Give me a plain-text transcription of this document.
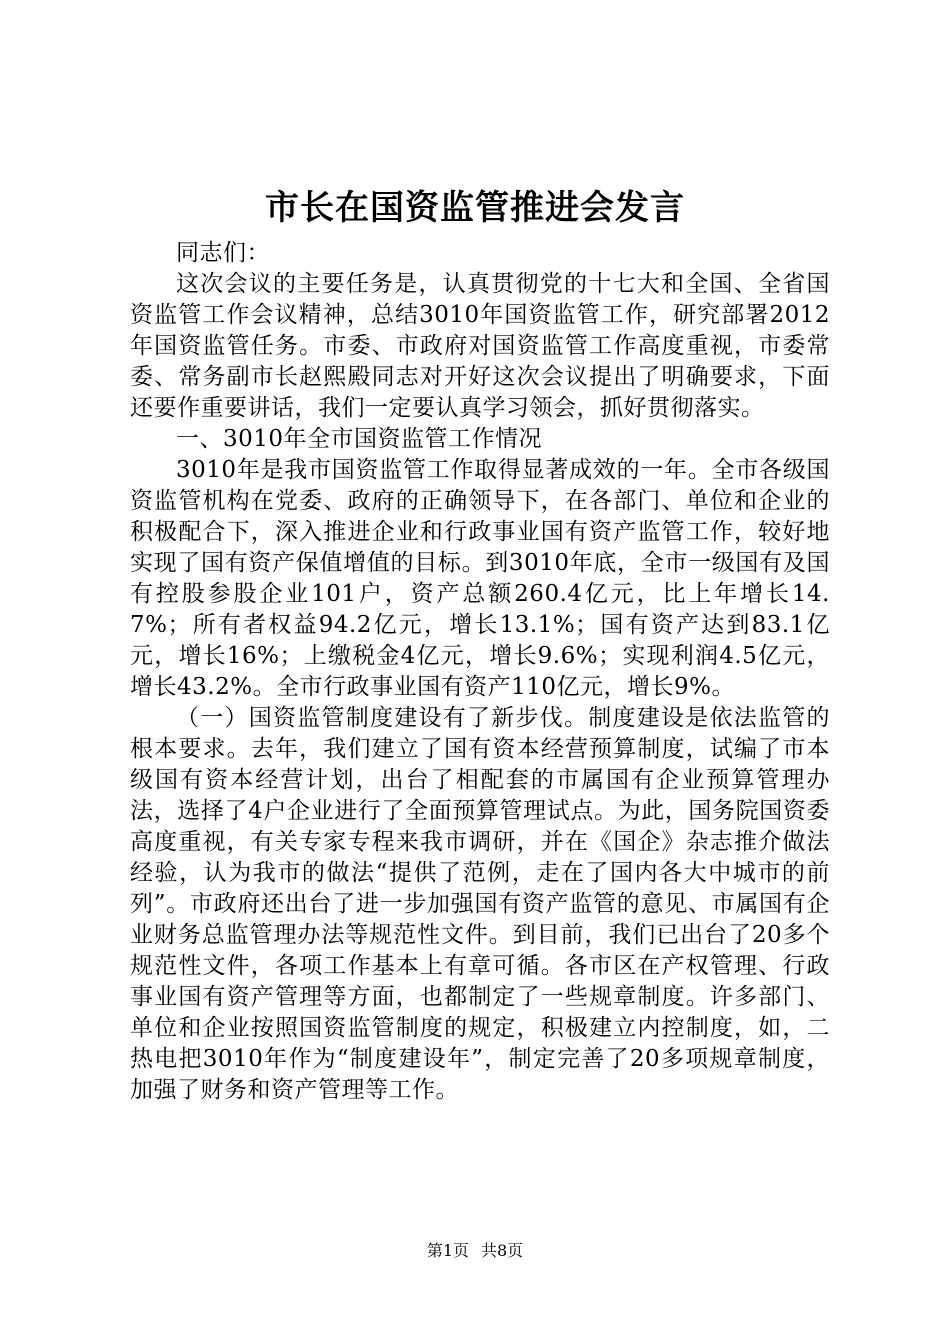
市长在国资监管推进会发言

同志们：

这次会议的主要任务是，认真贯彻党的十七大和全国、全省国资监管工作会议精神，总结3010年国资监管工作，研究部署2012年国资监管任务。市委、市政府对国资监管工作高度重视，市委常委、常务副市长赵熙殿同志对开好这次会议提出了明确要求，下面还要作重要讲话，我们一定要认真学习领会，抓好贯彻落实。

一、3010年全市国资监管工作情况

3010年是我市国资监管工作取得显著成效的一年。全市各级国资监管机构在党委、政府的正确领导下，在各部门、单位和企业的积极配合下，深入推进企业和行政事业国有资产监管工作，较好地实现了国有资产保值增值的目标。到3010年底，全市一级国有及国有控股参股企业101户，资产总额260.4亿元，比上年增长14.7%；所有者权益94.2亿元，增长13.1%；国有资产达到83.1亿元，增长16%；上缴税金4亿元，增长9.6%；实现利润4.5亿元，增长43.2%。全市行政事业国有资产110亿元，增长9%。

（一）国资监管制度建设有了新步伐。制度建设是依法监管的根本要求。去年，我们建立了国有资本经营预算制度，试编了市本级国有资本经营计划，出台了相配套的市属国有企业预算管理办法，选择了4户企业进行了全面预算管理试点。为此，国务院国资委高度重视，有关专家专程来我市调研，并在《国企》杂志推介做法经验，认为我市的做法“提供了范例，走在了国内各大中城市的前列”。市政府还出台了进一步加强国有资产监管的意见、市属国有企业财务总监管理办法等规范性文件。到目前，我们已出台了20多个规范性文件，各项工作基本上有章可循。各市区在产权管理、行政事业国有资产管理等方面，也都制定了一些规章制度。许多部门、单位和企业按照国资监管制度的规定，积极建立内控制度，如，二热电把3010年作为“制度建设年”，制定完善了20多项规章制度，加强了财务和资产管理等工作。

第1页 共8页
